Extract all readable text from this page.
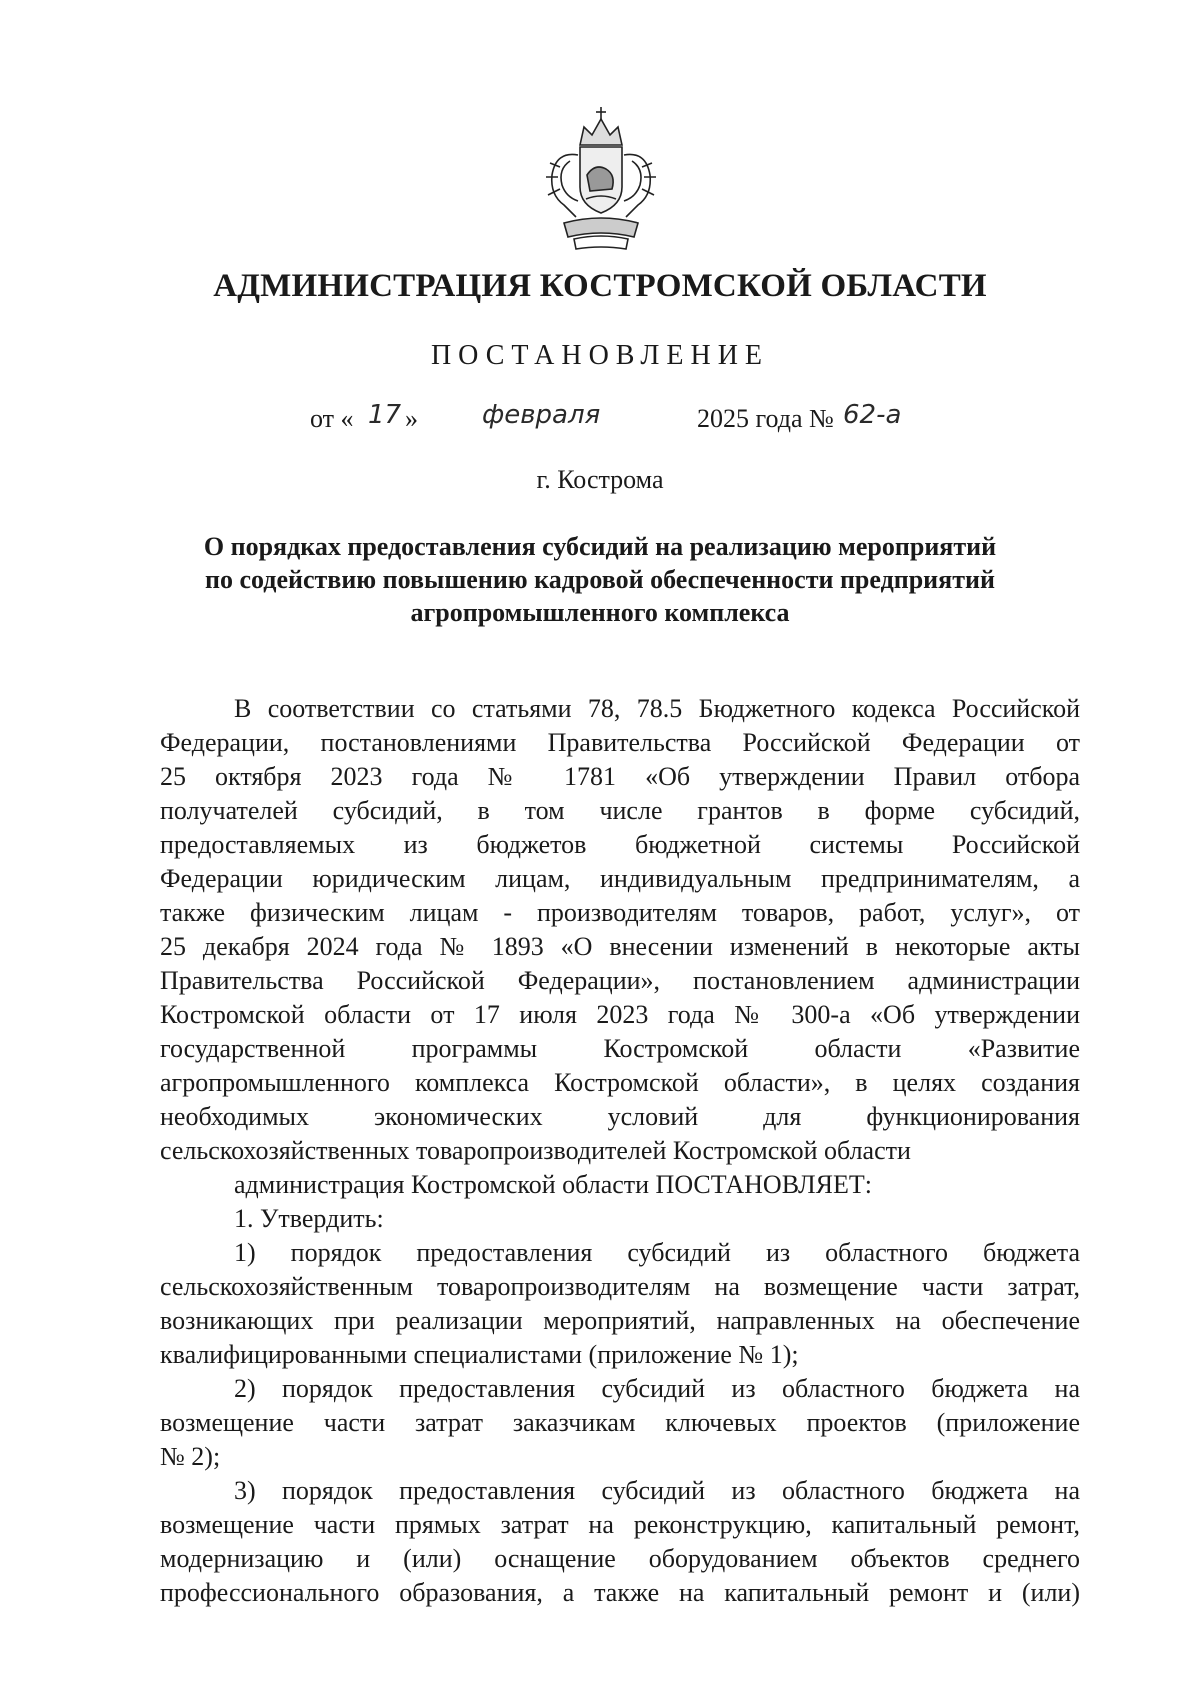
АДМИНИСТРАЦИЯ КОСТРОМСКОЙ ОБЛАСТИ
ПОСТАНОВЛЕНИЕ
от « 17 » февраля	2025 года № 62-а
г. Кострома
О порядках предоставления субсидий на реализацию мероприятий
по содействию повышению кадровой обеспеченности предприятий
агропромышленного комплекса
В соответствии со статьями 78, 78.5 Бюджетного кодекса Российской
Федерации, постановлениями Правительства Российской Федерации от
25 октября 2023 года № 1781 «Об утверждении Правил отбора
получателей субсидий, в том числе грантов в форме субсидий,
предоставляемых из бюджетов бюджетной системы Российской
Федерации юридическим лицам, индивидуальным предпринимателям, а
также физическим лицам - производителям товаров, работ, услуг», от
25 декабря 2024 года № 1893 «О внесении изменений в некоторые акты
Правительства Российской Федерации», постановлением администрации
Костромской области от 17 июля 2023 года № 300-а «Об утверждении
государственной программы Костромской области «Развитие
агропромышленного комплекса Костромской области», в целях создания
необходимых экономических условий для функционирования
сельскохозяйственных товаропроизводителей Костромской области
администрация Костромской области ПОСТАНОВЛЯЕТ:
1. Утвердить:
1) порядок предоставления субсидий из областного бюджета
сельскохозяйственным товаропроизводителям на возмещение части затрат,
возникающих при реализации мероприятий, направленных на обеспечение
квалифицированными специалистами (приложение № 1);
2) порядок предоставления субсидий из областного бюджета на
возмещение части затрат заказчикам ключевых проектов (приложение
№ 2);
3) порядок предоставления субсидий из областного бюджета на
возмещение части прямых затрат на реконструкцию, капитальный ремонт,
модернизацию и (или) оснащение оборудованием объектов среднего
профессионального образования, а также на капитальный ремонт и (или)
